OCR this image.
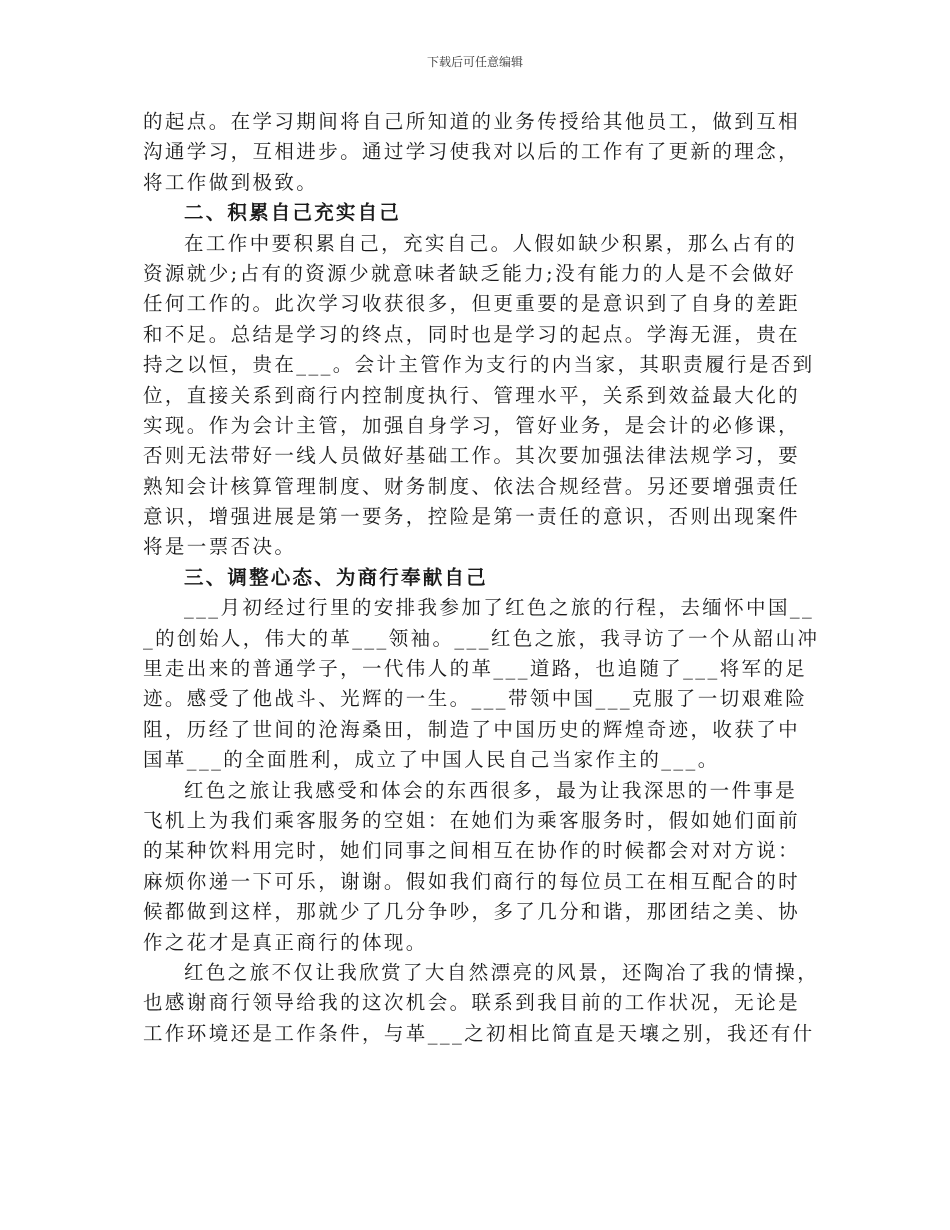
下载后可任意编辑
的起点。在学习期间将自己所知道的业务传授给其他员工，做到互相
沟通学习，互相进步。通过学习使我对以后的工作有了更新的理念，
将工作做到极致。
二、积累自己充实自己
在工作中要积累自己，充实自己。人假如缺少积累，那么占有的
资源就少;占有的资源少就意味者缺乏能力;没有能力的人是不会做好
任何工作的。此次学习收获很多，但更重要的是意识到了自身的差距
和不足。总结是学习的终点，同时也是学习的起点。学海无涯，贵在
持之以恒，贵在___。会计主管作为支行的内当家，其职责履行是否到
位，直接关系到商行内控制度执行、管理水平，关系到效益最大化的
实现。作为会计主管，加强自身学习，管好业务，是会计的必修课，
否则无法带好一线人员做好基础工作。其次要加强法律法规学习，要
熟知会计核算管理制度、财务制度、依法合规经营。另还要增强责任
意识，增强进展是第一要务，控险是第一责任的意识，否则出现案件
将是一票否决。
三、调整心态、为商行奉献自己
___月初经过行里的安排我参加了红色之旅的行程，去缅怀中国__
_的创始人，伟大的革___领袖。___红色之旅，我寻访了一个从韶山冲
里走出来的普通学子，一代伟人的革___道路，也追随了___将军的足
迹。感受了他战斗、光辉的一生。___带领中国___克服了一切艰难险
阻，历经了世间的沧海桑田，制造了中国历史的辉煌奇迹，收获了中
国革___的全面胜利，成立了中国人民自己当家作主的___。
红色之旅让我感受和体会的东西很多，最为让我深思的一件事是
飞机上为我们乘客服务的空姐：在她们为乘客服务时，假如她们面前
的某种饮料用完时，她们同事之间相互在协作的时候都会对对方说：
麻烦你递一下可乐，谢谢。假如我们商行的每位员工在相互配合的时
候都做到这样，那就少了几分争吵，多了几分和谐，那团结之美、协
作之花才是真正商行的体现。
红色之旅不仅让我欣赏了大自然漂亮的风景，还陶冶了我的情操，
也感谢商行领导给我的这次机会。联系到我目前的工作状况，无论是
工作环境还是工作条件，与革___之初相比简直是天壤之别，我还有什
